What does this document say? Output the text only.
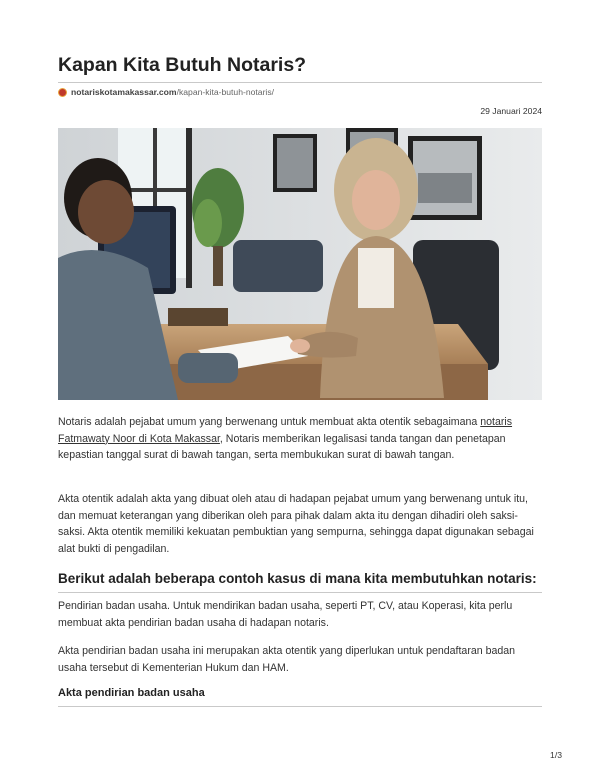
Kapan Kita Butuh Notaris?
notariskotamakassar.com /kapan-kita-butuh-notaris/
29 Januari 2024

Notaris adalah pejabat umum yang berwenang untuk membuat akta otentik sebagaimana notaris Fatmawaty Noor di Kota Makassar, Notaris memberikan legalisasi tanda tangan dan penetapan kepastian tanggal surat di bawah tangan, serta membukukan surat di bawah tangan.

Akta otentik adalah akta yang dibuat oleh atau di hadapan pejabat umum yang berwenang untuk itu, dan memuat keterangan yang diberikan oleh para pihak dalam akta itu dengan dihadiri oleh saksi-saksi. Akta otentik memiliki kekuatan pembuktian yang sempurna, sehingga dapat digunakan sebagai alat bukti di pengadilan.

Berikut adalah beberapa contoh kasus di mana kita membutuhkan notaris:

Pendirian badan usaha. Untuk mendirikan badan usaha, seperti PT, CV, atau Koperasi, kita perlu membuat akta pendirian badan usaha di hadapan notaris.

Akta pendirian badan usaha ini merupakan akta otentik yang diperlukan untuk pendaftaran badan usaha tersebut di Kementerian Hukum dan HAM.

Akta pendirian badan usaha
1/3
